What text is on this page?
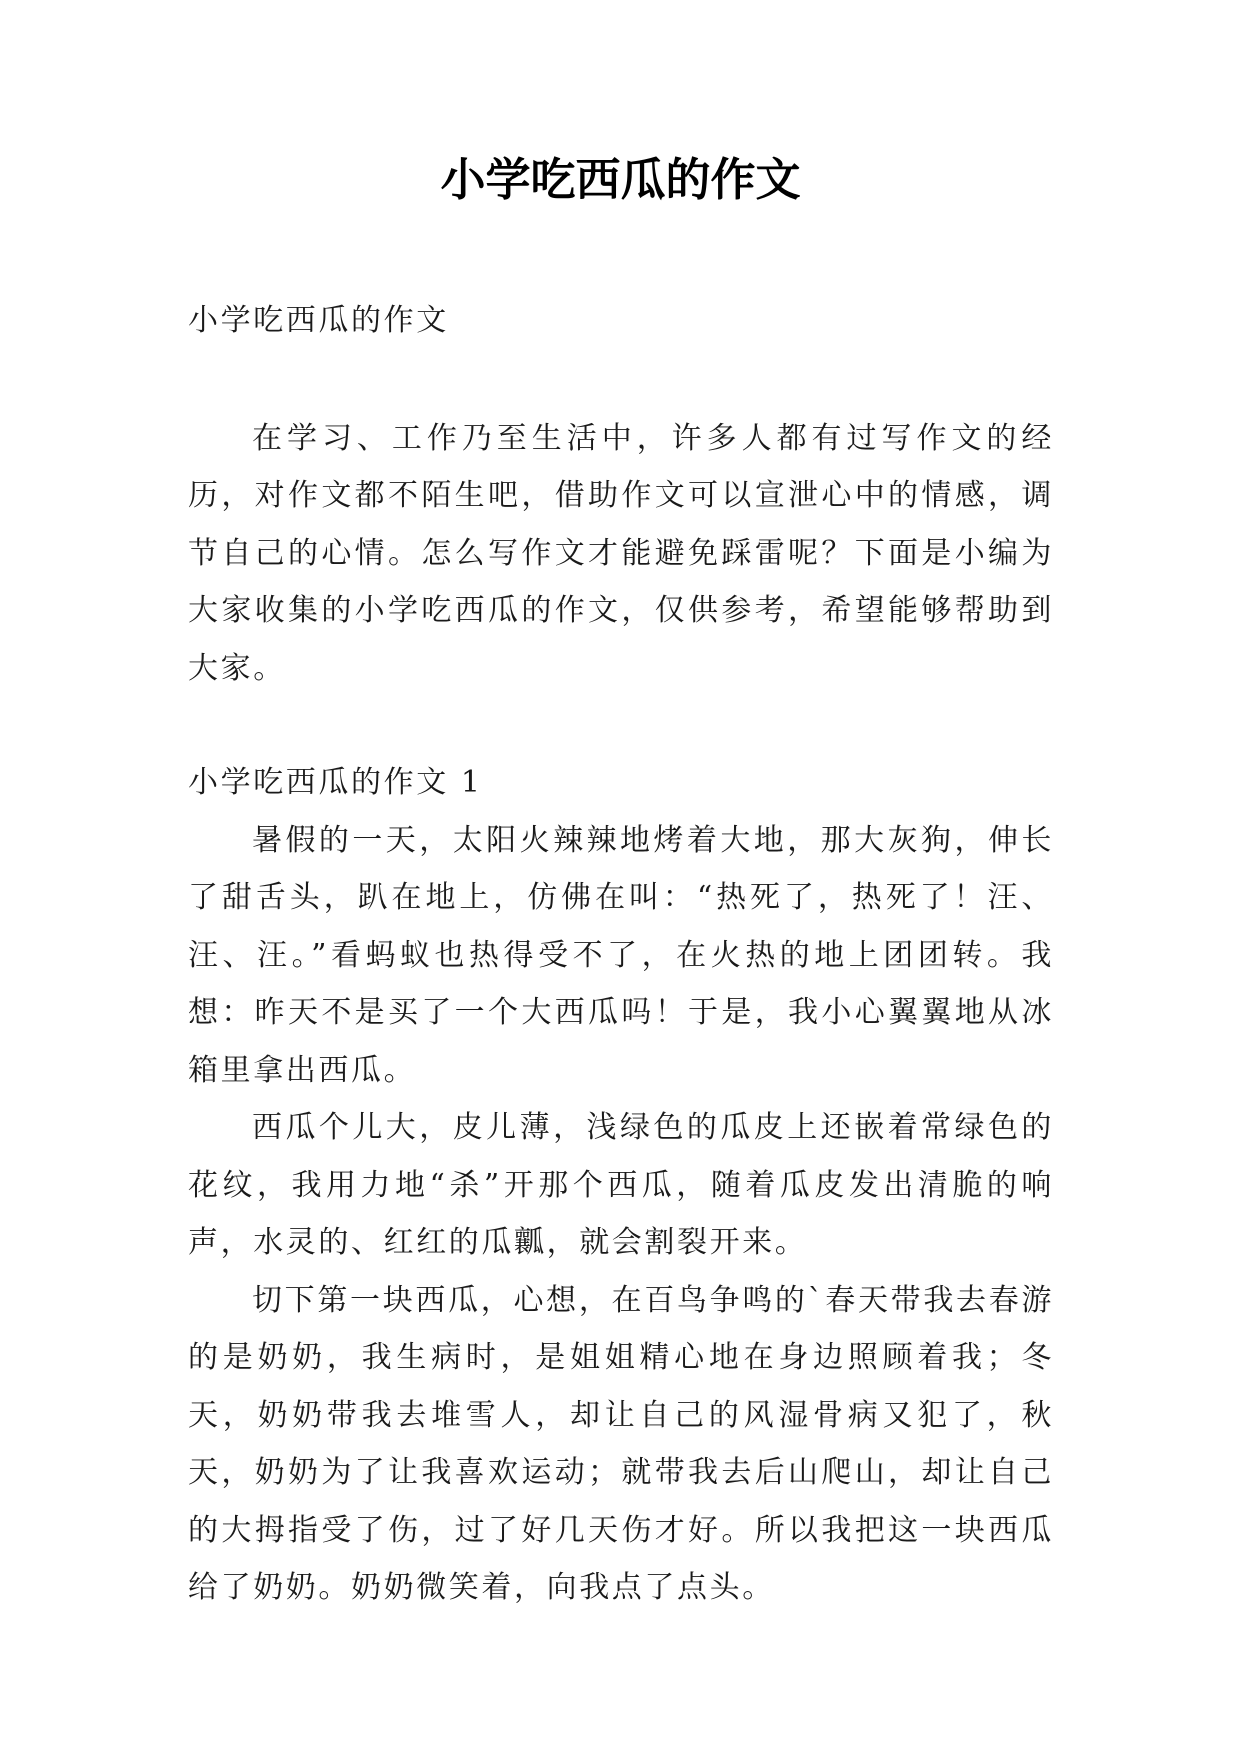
小学吃西瓜的作文

小学吃西瓜的作文

在学习、工作乃至生活中，许多人都有过写作文的经历，对作文都不陌生吧，借助作文可以宣泄心中的情感，调节自己的心情。怎么写作文才能避免踩雷呢？下面是小编为大家收集的小学吃西瓜的作文，仅供参考，希望能够帮助到大家。

小学吃西瓜的作文 1

暑假的一天，太阳火辣辣地烤着大地，那大灰狗，伸长了甜舌头，趴在地上，仿佛在叫：“热死了，热死了！汪、汪、汪。”看蚂蚁也热得受不了，在火热的地上团团转。我想：昨天不是买了一个大西瓜吗！于是，我小心翼翼地从冰箱里拿出西瓜。

西瓜个儿大，皮儿薄，浅绿色的瓜皮上还嵌着常绿色的花纹，我用力地“杀”开那个西瓜，随着瓜皮发出清脆的响声，水灵的、红红的瓜瓤，就会割裂开来。

切下第一块西瓜，心想，在百鸟争鸣的`春天带我去春游的是奶奶，我生病时，是姐姐精心地在身边照顾着我；冬天，奶奶带我去堆雪人，却让自己的风湿骨病又犯了，秋天，奶奶为了让我喜欢运动；就带我去后山爬山，却让自己的大拇指受了伤，过了好几天伤才好。所以我把这一块西瓜给了奶奶。奶奶微笑着，向我点了点头。
